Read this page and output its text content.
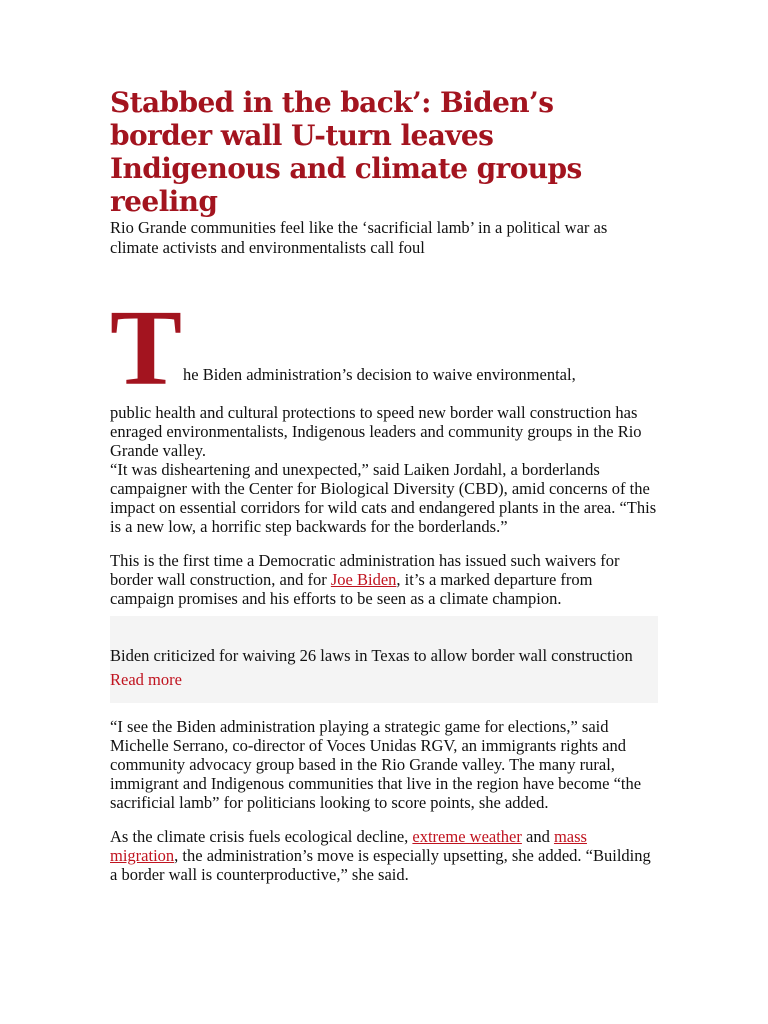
Stabbed in the back’: Biden’s border wall U-turn leaves Indigenous and climate groups reeling

Rio Grande communities feel like the ‘sacrificial lamb’ in a political war as climate activists and environmentalists call foul

T he Biden administration’s decision to waive environmental,

public health and cultural protections to speed new border wall construction has enraged environmentalists, Indigenous leaders and community groups in the Rio Grande valley.

“It was disheartening and unexpected,” said Laiken Jordahl, a borderlands campaigner with the Center for Biological Diversity (CBD), amid concerns of the impact on essential corridors for wild cats and endangered plants in the area. “This is a new low, a horrific step backwards for the borderlands.”

This is the first time a Democratic administration has issued such waivers for border wall construction, and for Joe Biden, it’s a marked departure from campaign promises and his efforts to be seen as a climate champion.

Biden criticized for waiving 26 laws in Texas to allow border wall construction

Read more

“I see the Biden administration playing a strategic game for elections,” said Michelle Serrano, co-director of Voces Unidas RGV, an immigrants rights and community advocacy group based in the Rio Grande valley. The many rural, immigrant and Indigenous communities that live in the region have become “the sacrificial lamb” for politicians looking to score points, she added.

As the climate crisis fuels ecological decline, extreme weather and mass migration, the administration’s move is especially upsetting, she added. “Building a border wall is counterproductive,” she said.
